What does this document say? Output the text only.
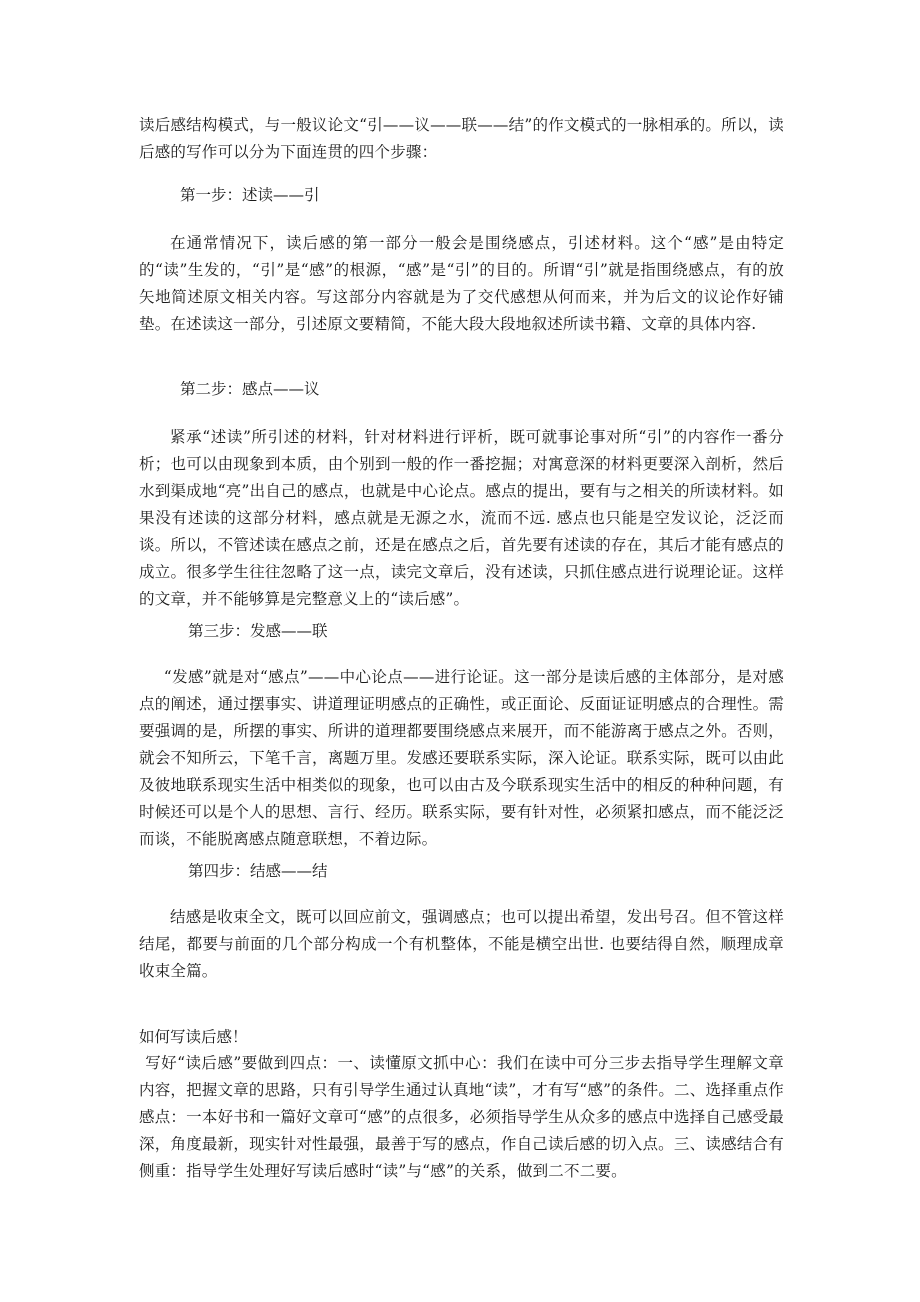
读后感结构模式，与一般议论文“引——议——联——结”的作文模式的一脉相承的。所以，读后感的写作可以分为下面连贯的四个步骤：

第一步：述读——引

在通常情况下，读后感的第一部分一般会是围绕感点，引述材料。这个“感”是由特定的“读”生发的，“引”是“感”的根源，“感”是“引”的目的。所谓“引”就是指围绕感点，有的放矢地简述原文相关内容。写这部分内容就是为了交代感想从何而来，并为后文的议论作好铺垫。在述读这一部分，引述原文要精简，不能大段大段地叙述所读书籍、文章的具体内容.

第二步：感点——议

紧承“述读”所引述的材料，针对材料进行评析，既可就事论事对所“引”的内容作一番分析；也可以由现象到本质，由个别到一般的作一番挖掘；对寓意深的材料更要深入剖析，然后水到渠成地“亮”出自己的感点，也就是中心论点。感点的提出，要有与之相关的所读材料。如果没有述读的这部分材料，感点就是无源之水，流而不远. 感点也只能是空发议论，泛泛而谈。所以，不管述读在感点之前，还是在感点之后，首先要有述读的存在，其后才能有感点的成立。很多学生往往忽略了这一点，读完文章后，没有述读，只抓住感点进行说理论证。这样的文章，并不能够算是完整意义上的“读后感”。

第三步：发感——联

“发感”就是对“感点”——中心论点——进行论证。这一部分是读后感的主体部分，是对感点的阐述，通过摆事实、讲道理证明感点的正确性，或正面论、反面证证明感点的合理性。需要强调的是，所摆的事实、所讲的道理都要围绕感点来展开，而不能游离于感点之外。否则，就会不知所云，下笔千言，离题万里。发感还要联系实际，深入论证。联系实际，既可以由此及彼地联系现实生活中相类似的现象，也可以由古及今联系现实生活中的相反的种种问题，有时候还可以是个人的思想、言行、经历。联系实际，要有针对性，必须紧扣感点，而不能泛泛而谈，不能脱离感点随意联想，不着边际。

第四步：结感——结

结感是收束全文，既可以回应前文，强调感点；也可以提出希望，发出号召。但不管这样结尾，都要与前面的几个部分构成一个有机整体，不能是横空出世. 也要结得自然，顺理成章收束全篇。

如何写读后感！

写好“读后感”要做到四点：一、读懂原文抓中心：我们在读中可分三步去指导学生理解文章内容，把握文章的思路，只有引导学生通过认真地“读”，才有写“感”的条件。二、选择重点作感点：一本好书和一篇好文章可“感”的点很多，必须指导学生从众多的感点中选择自己感受最深，角度最新，现实针对性最强，最善于写的感点，作自己读后感的切入点。三、读感结合有侧重：指导学生处理好写读后感时“读”与“感”的关系，做到二不二要。
